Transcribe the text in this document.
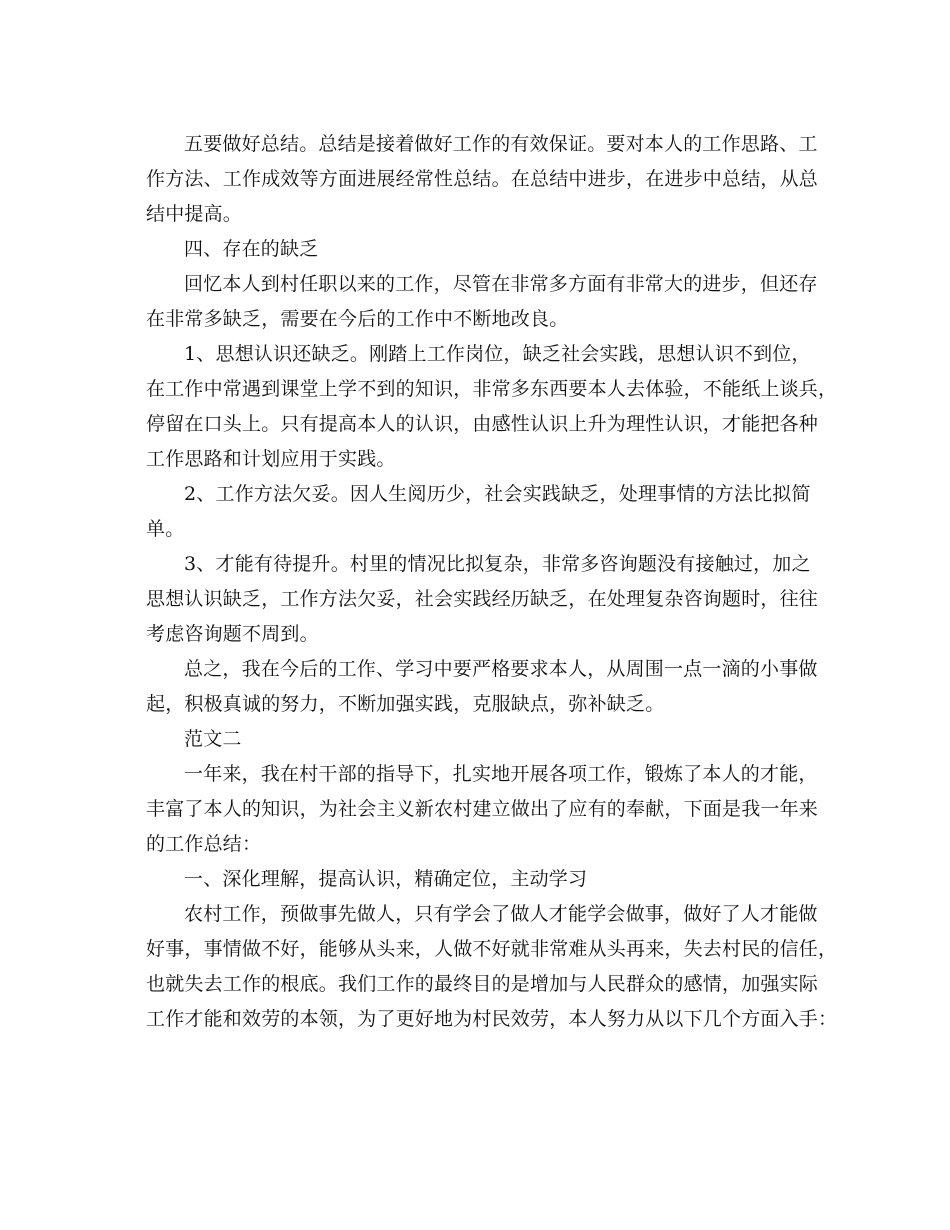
五要做好总结。总结是接着做好工作的有效保证。要对本人的工作思路、工
作方法、工作成效等方面进展经常性总结。在总结中进步，在进步中总结，从总
结中提高。
四、存在的缺乏
回忆本人到村任职以来的工作，尽管在非常多方面有非常大的进步，但还存
在非常多缺乏，需要在今后的工作中不断地改良。
1、思想认识还缺乏。刚踏上工作岗位，缺乏社会实践，思想认识不到位，
在工作中常遇到课堂上学不到的知识，非常多东西要本人去体验，不能纸上谈兵，
停留在口头上。只有提高本人的认识，由感性认识上升为理性认识，才能把各种
工作思路和计划应用于实践。
2、工作方法欠妥。因人生阅历少，社会实践缺乏，处理事情的方法比拟简
单。
3、才能有待提升。村里的情况比拟复杂，非常多咨询题没有接触过，加之
思想认识缺乏，工作方法欠妥，社会实践经历缺乏，在处理复杂咨询题时，往往
考虑咨询题不周到。
总之，我在今后的工作、学习中要严格要求本人，从周围一点一滴的小事做
起，积极真诚的努力，不断加强实践，克服缺点，弥补缺乏。
范文二
一年来，我在村干部的指导下，扎实地开展各项工作，锻炼了本人的才能，
丰富了本人的知识，为社会主义新农村建立做出了应有的奉献，下面是我一年来
的工作总结：
一、深化理解，提高认识，精确定位，主动学习
农村工作，预做事先做人，只有学会了做人才能学会做事，做好了人才能做
好事，事情做不好，能够从头来，人做不好就非常难从头再来，失去村民的信任，
也就失去工作的根底。我们工作的最终目的是增加与人民群众的感情，加强实际
工作才能和效劳的本领，为了更好地为村民效劳，本人努力从以下几个方面入手：
